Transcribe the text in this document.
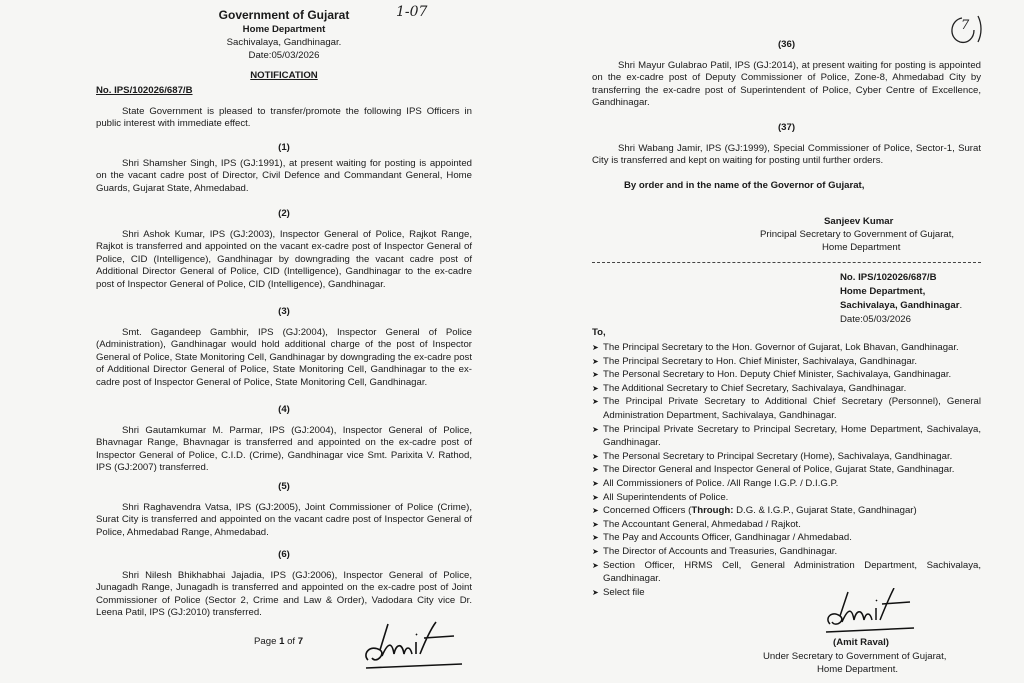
1-07
Government of Gujarat
Home Department
Sachivalaya, Gandhinagar.
Date:05/03/2026
NOTIFICATION
No. IPS/102026/687/B
State Government is pleased to transfer/promote the following IPS Officers in public interest with immediate effect.
(1)
Shri Shamsher Singh, IPS (GJ:1991), at present waiting for posting is appointed on the vacant cadre post of Director, Civil Defence and Commandant General, Home Guards, Gujarat State, Ahmedabad.
(2)
Shri Ashok Kumar, IPS (GJ:2003), Inspector General of Police, Rajkot Range, Rajkot is transferred and appointed on the vacant ex-cadre post of Inspector General of Police, CID (Intelligence), Gandhinagar by downgrading the vacant cadre post of Additional Director General of Police, CID (Intelligence), Gandhinagar to the ex-cadre post of Inspector General of Police, CID (Intelligence), Gandhinagar.
(3)
Smt. Gagandeep Gambhir, IPS (GJ:2004), Inspector General of Police (Administration), Gandhinagar would hold additional charge of the post of Inspector General of Police, State Monitoring Cell, Gandhinagar by downgrading the ex-cadre post of Additional Director General of Police, State Monitoring Cell, Gandhinagar to the ex-cadre post of Inspector General of Police, State Monitoring Cell, Gandhinagar.
(4)
Shri Gautamkumar M. Parmar, IPS (GJ:2004), Inspector General of Police, Bhavnagar Range, Bhavnagar is transferred and appointed on the ex-cadre post of Inspector General of Police, C.I.D. (Crime), Gandhinagar vice Smt. Parixita V. Rathod, IPS (GJ:2007) transferred.
(5)
Shri Raghavendra Vatsa, IPS (GJ:2005), Joint Commissioner of Police (Crime), Surat City is transferred and appointed on the vacant cadre post of Inspector General of Police, Ahmedabad Range, Ahmedabad.
(6)
Shri Nilesh Bhikhabhai Jajadia, IPS (GJ:2006), Inspector General of Police, Junagadh Range, Junagadh is transferred and appointed on the ex-cadre post of Joint Commissioner of Police (Sector 2, Crime and Law & Order), Vadodara City vice Dr. Leena Patil, IPS (GJ:2010) transferred.
Page 1 of 7
7
(36)
Shri Mayur Gulabrao Patil, IPS (GJ:2014), at present waiting for posting is appointed on the ex-cadre post of Deputy Commissioner of Police, Zone-8, Ahmedabad City by transferring the ex-cadre post of Superintendent of Police, Cyber Centre of Excellence, Gandhinagar.
(37)
Shri Wabang Jamir, IPS (GJ:1999), Special Commissioner of Police, Sector-1, Surat City is transferred and kept on waiting for posting until further orders.
By order and in the name of the Governor of Gujarat,
Sanjeev Kumar
Principal Secretary to Government of Gujarat,
Home Department
No. IPS/102026/687/B
Home Department,
Sachivalaya, Gandhinagar.
Date:05/03/2026
To,
➤ The Principal Secretary to the Hon. Governor of Gujarat, Lok Bhavan, Gandhinagar.
➤ The Principal Secretary to Hon. Chief Minister, Sachivalaya, Gandhinagar.
➤ The Personal Secretary to Hon. Deputy Chief Minister, Sachivalaya, Gandhinagar.
➤ The Additional Secretary to Chief Secretary, Sachivalaya, Gandhinagar.
➤ The Principal Private Secretary to Additional Chief Secretary (Personnel), General Administration Department, Sachivalaya, Gandhinagar.
➤ The Principal Private Secretary to Principal Secretary, Home Department, Sachivalaya, Gandhinagar.
➤ The Personal Secretary to Principal Secretary (Home), Sachivalaya, Gandhinagar.
➤ The Director General and Inspector General of Police, Gujarat State, Gandhinagar.
➤ All Commissioners of Police. /All Range I.G.P. / D.I.G.P.
➤ All Superintendents of Police.
➤ Concerned Officers (Through: D.G. & I.G.P., Gujarat State, Gandhinagar)
➤ The Accountant General, Ahmedabad / Rajkot.
➤ The Pay and Accounts Officer, Gandhinagar / Ahmedabad.
➤ The Director of Accounts and Treasuries, Gandhinagar.
➤ Section Officer, HRMS Cell, General Administration Department, Sachivalaya, Gandhinagar.
➤ Select file
(Amit Raval)
Under Secretary to Government of Gujarat,
Home Department.
